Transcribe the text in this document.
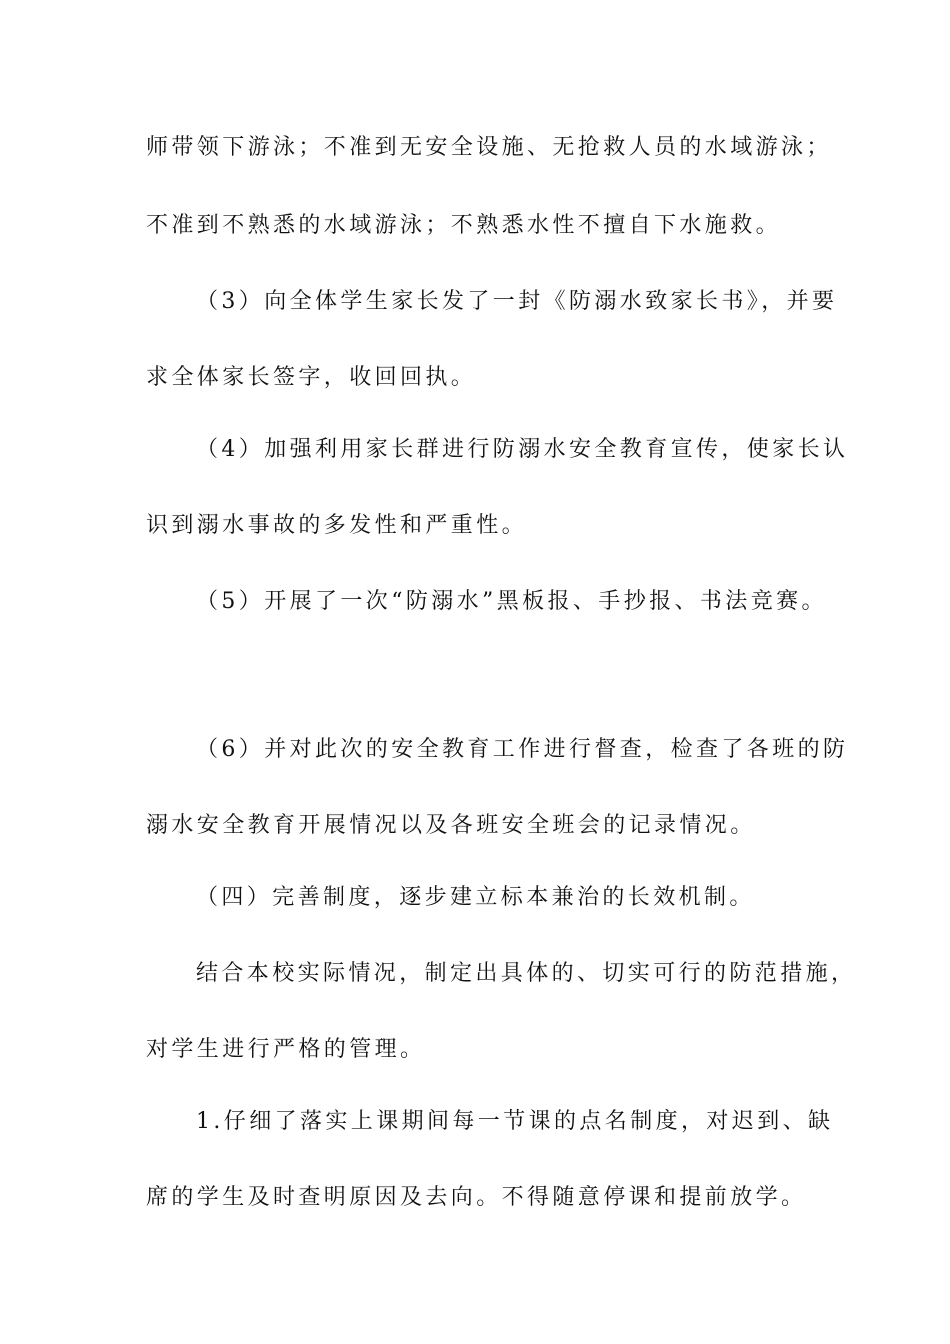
师带领下游泳；不准到无安全设施、无抢救人员的水域游泳；
不准到不熟悉的水域游泳；不熟悉水性不擅自下水施救。
（3）向全体学生家长发了一封《防溺水致家长书》，并要
求全体家长签字，收回回执。
（4）加强利用家长群进行防溺水安全教育宣传，使家长认
识到溺水事故的多发性和严重性。
（5）开展了一次“防溺水”黑板报、手抄报、书法竞赛。
（6）并对此次的安全教育工作进行督查，检查了各班的防
溺水安全教育开展情况以及各班安全班会的记录情况。
（四）完善制度，逐步建立标本兼治的长效机制。
结合本校实际情况，制定出具体的、切实可行的防范措施，
对学生进行严格的管理。
1.仔细了落实上课期间每一节课的点名制度，对迟到、缺
席的学生及时查明原因及去向。不得随意停课和提前放学。
